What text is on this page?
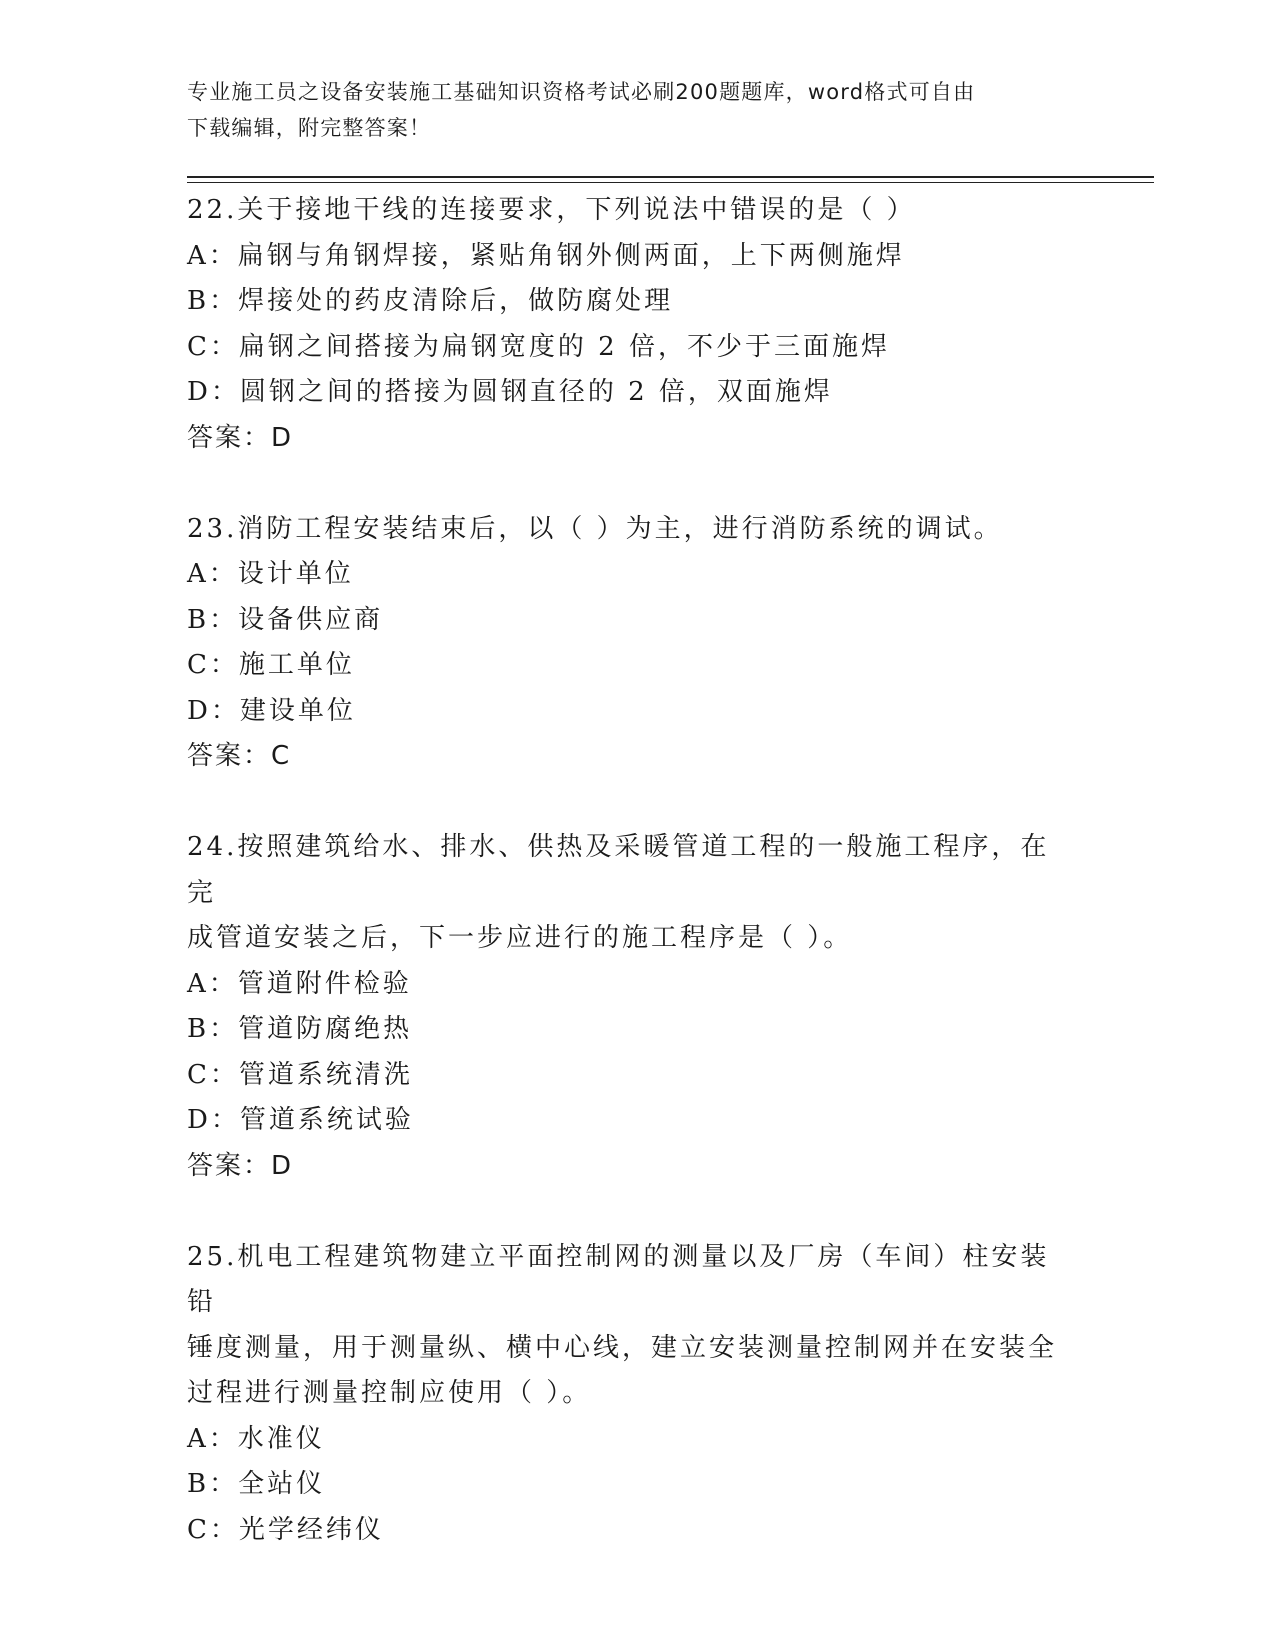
专业施工员之设备安装施工基础知识资格考试必刷200题题库，word格式可自由
下载编辑，附完整答案！

22.关于接地干线的连接要求，下列说法中错误的是（ ）

A：扁钢与角钢焊接，紧贴角钢外侧两面，上下两侧施焊

B：焊接处的药皮清除后，做防腐处理

C：扁钢之间搭接为扁钢宽度的 2 倍，不少于三面施焊

D：圆钢之间的搭接为圆钢直径的 2 倍，双面施焊

答案：D

23.消防工程安装结束后，以（ ）为主，进行消防系统的调试。

A：设计单位

B：设备供应商

C：施工单位

D：建设单位

答案：C

24.按照建筑给水、排水、供热及采暖管道工程的一般施工程序，在完

成管道安装之后，下一步应进行的施工程序是（ ）。

A：管道附件检验

B：管道防腐绝热

C：管道系统清洗

D：管道系统试验

答案：D

25.机电工程建筑物建立平面控制网的测量以及厂房（车间）柱安装铅

锤度测量，用于测量纵、横中心线，建立安装测量控制网并在安装全

过程进行测量控制应使用（ ）。

A：水准仪

B：全站仪

C：光学经纬仪
